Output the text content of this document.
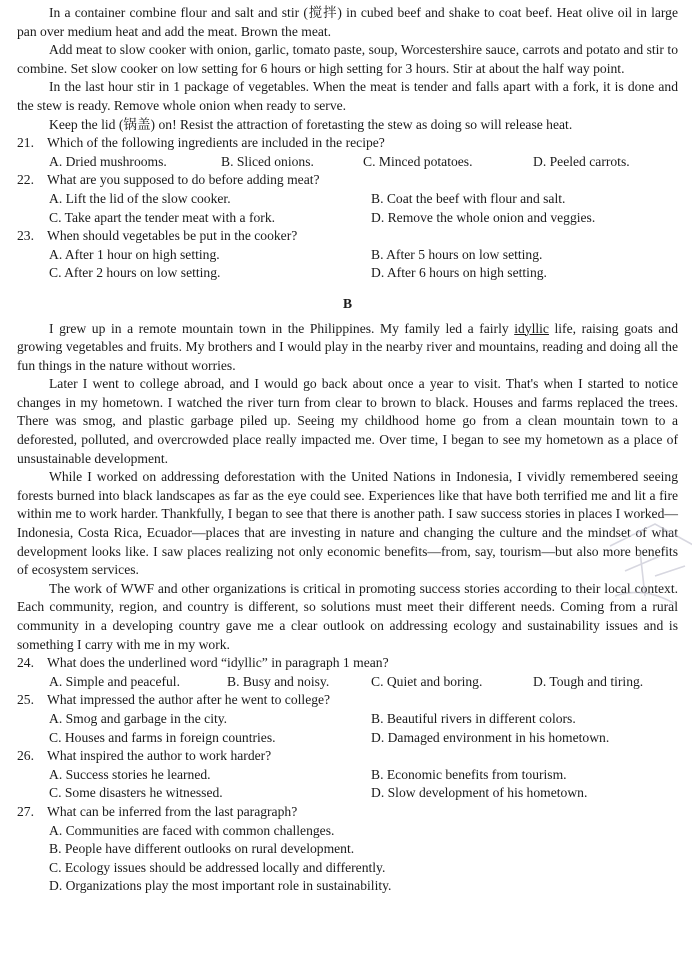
In a container combine flour and salt and stir (搅拌) in cubed beef and shake to coat beef. Heat olive oil in large pan over medium heat and add the meat. Brown the meat.

Add meat to slow cooker with onion, garlic, tomato paste, soup, Worcestershire sauce, carrots and potato and stir to combine. Set slow cooker on low setting for 6 hours or high setting for 3 hours. Stir at about the half way point.

In the last hour stir in 1 package of vegetables. When the meat is tender and falls apart with a fork, it is done and the stew is ready. Remove whole onion when ready to serve.

Keep the lid (锅盖) on! Resist the attraction of foretasting the stew as doing so will release heat.

21. Which of the following ingredients are included in the recipe?

A. Dried mushrooms.	B. Sliced onions.	C. Minced potatoes.	D. Peeled carrots.

22. What are you supposed to do before adding meat?

A. Lift the lid of the slow cooker.	B. Coat the beef with flour and salt.
C. Take apart the tender meat with a fork.	D. Remove the whole onion and veggies.

23. When should vegetables be put in the cooker?

A. After 1 hour on high setting.	B. After 5 hours on low setting.
C. After 2 hours on low setting.	D. After 6 hours on high setting.
B

I grew up in a remote mountain town in the Philippines. My family led a fairly idyllic life, raising goats and growing vegetables and fruits. My brothers and I would play in the nearby river and mountains, reading and doing all the fun things in the nature without worries.

Later I went to college abroad, and I would go back about once a year to visit. That's when I started to notice changes in my hometown. I watched the river turn from clear to brown to black. Houses and farms replaced the trees. There was smog, and plastic garbage piled up. Seeing my childhood home go from a clean mountain town to a deforested, polluted, and overcrowded place really impacted me. Over time, I began to see my hometown as a place of unsustainable development.

While I worked on addressing deforestation with the United Nations in Indonesia, I vividly remembered seeing forests burned into black landscapes as far as the eye could see. Experiences like that have both terrified me and lit a fire within me to work harder. Thankfully, I began to see that there is another path. I saw success stories in places I worked—Indonesia, Costa Rica, Ecuador—places that are investing in nature and changing the culture and the mindset of what development looks like. I saw places realizing not only economic benefits—from, say, tourism—but also more benefits of ecosystem services.

The work of WWF and other organizations is critical in promoting success stories according to their local context. Each community, region, and country is different, so solutions must meet their different needs. Coming from a rural community in a developing country gave me a clear outlook on addressing ecology and sustainability issues and is something I carry with me in my work.

24. What does the underlined word “idyllic” in paragraph 1 mean?

A. Simple and peaceful.	B. Busy and noisy.	C. Quiet and boring.	D. Tough and tiring.

25. What impressed the author after he went to college?

A. Smog and garbage in the city.	B. Beautiful rivers in different colors.
C. Houses and farms in foreign countries.	D. Damaged environment in his hometown.

26. What inspired the author to work harder?

A. Success stories he learned.	B. Economic benefits from tourism.
C. Some disasters he witnessed.	D. Slow development of his hometown.

27. What can be inferred from the last paragraph?

A. Communities are faced with common challenges.
B. People have different outlooks on rural development.
C. Ecology issues should be addressed locally and differently.
D. Organizations play the most important role in sustainability.
